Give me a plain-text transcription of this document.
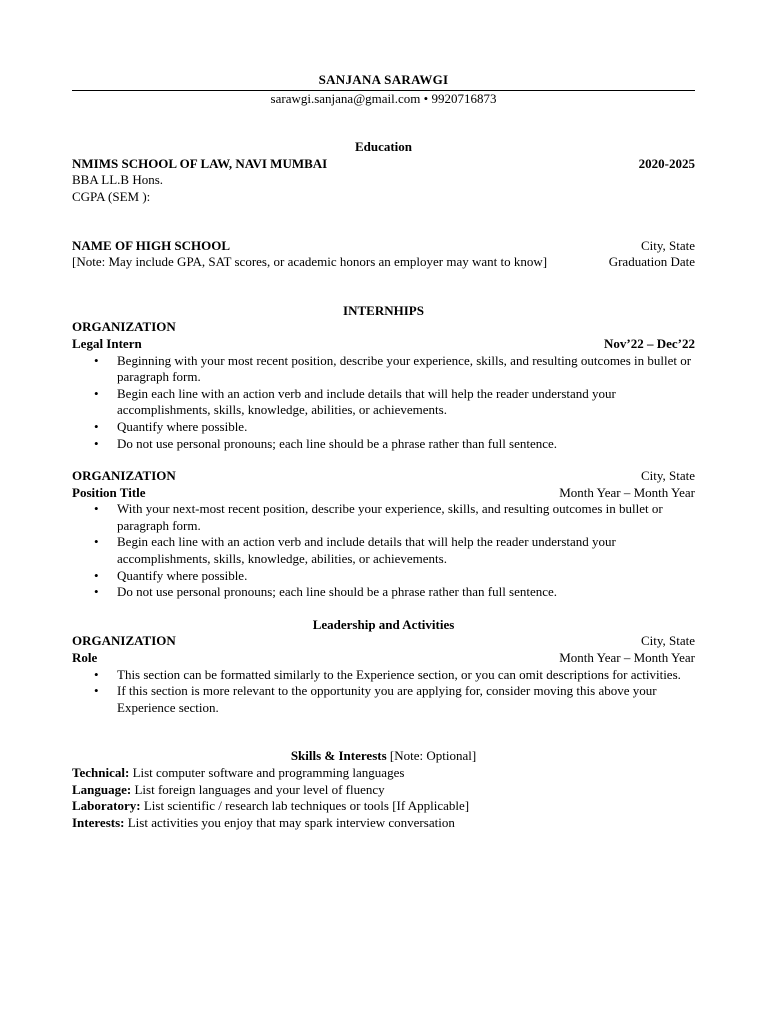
SANJANA SARAWGI
sarawgi.sanjana@gmail.com • 9920716873
Education
NMIMS SCHOOL OF LAW, NAVI MUMBAI	2020-2025
BBA LL.B Hons.
CGPA (SEM ):
NAME OF HIGH SCHOOL	City, State
[Note: May include GPA, SAT scores, or academic honors an employer may want to know]	Graduation Date
INTERNHIPS
ORGANIZATION
Legal Intern	Nov’22 – Dec’22
• Beginning with your most recent position, describe your experience, skills, and resulting outcomes in bullet or paragraph form.
• Begin each line with an action verb and include details that will help the reader understand your accomplishments, skills, knowledge, abilities, or achievements.
• Quantify where possible.
• Do not use personal pronouns; each line should be a phrase rather than full sentence.
ORGANIZATION	City, State
Position Title	Month Year – Month Year
• With your next-most recent position, describe your experience, skills, and resulting outcomes in bullet or paragraph form.
• Begin each line with an action verb and include details that will help the reader understand your accomplishments, skills, knowledge, abilities, or achievements.
• Quantify where possible.
• Do not use personal pronouns; each line should be a phrase rather than full sentence.
Leadership and Activities
ORGANIZATION	City, State
Role	Month Year – Month Year
• This section can be formatted similarly to the Experience section, or you can omit descriptions for activities.
• If this section is more relevant to the opportunity you are applying for, consider moving this above your Experience section.
Skills & Interests [Note: Optional]
Technical: List computer software and programming languages
Language: List foreign languages and your level of fluency
Laboratory: List scientific / research lab techniques or tools [If Applicable]
Interests: List activities you enjoy that may spark interview conversation
